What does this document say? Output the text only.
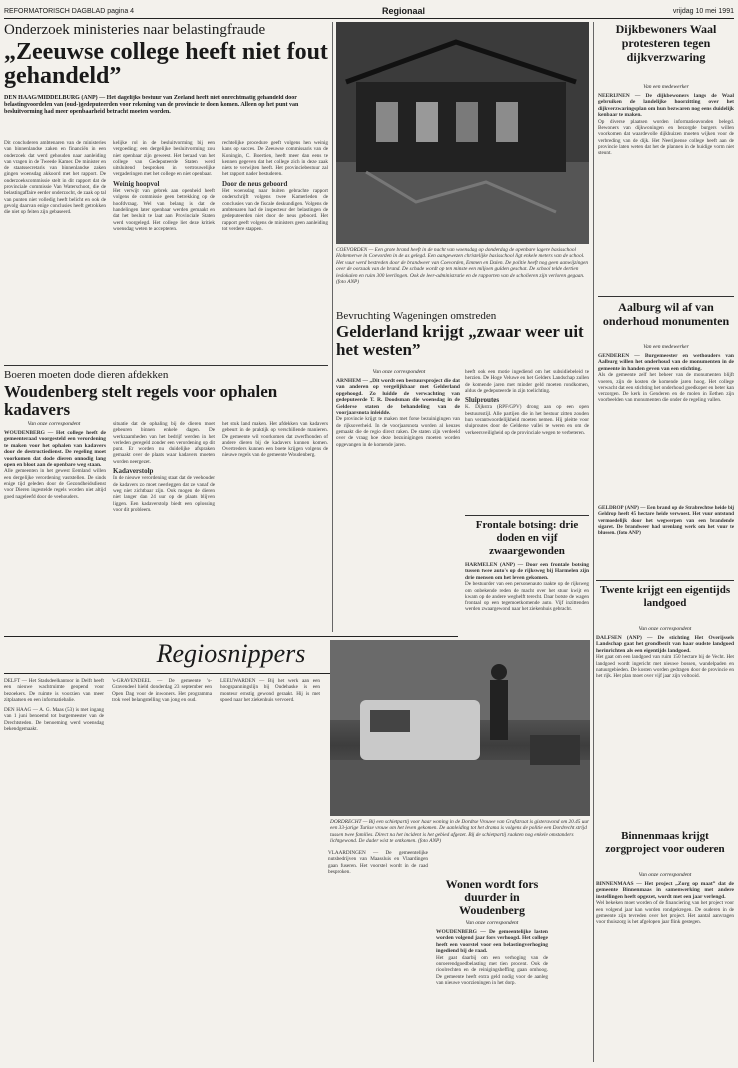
REFORMATORISCH DAGBLAD pagina 4	Regionaal	vrijdag 10 mei 1991
Onderzoek ministeries naar belastingfraude
„Zeeuwse college heeft niet fout gehandeld”
DEN HAAG/MIDDELBURG (ANP) — Het dagelijks bestuur van Zeeland heeft niet onrechtmatig gehandeld door belastingvoordelen van (oud-)gedeputeerden voor rekening van de provincie te doen komen. Alleen op het punt van besluitvorming had meer openbaarheid betracht moeten worden.
Dit concluderen ambtenaren van de ministeries van binnenlandse zaken en financiën in een onderzoek dat werd gehouden naar aanleiding van vragen in de Tweede Kamer. De minister en de staatssecretaris van binnenlandse zaken gingen woensdag akkoord met het rapport. De onderzoekscommissie stelt in dit rapport dat de provinciale commissie Van Waterschoot, die de belastingaffaire eerder onderzocht, de zaak op tal van punten niet volledig heeft belicht en ook de gevolg daarvan enige conclusies heeft getrokken die niet op feiten zijn gebaseerd.
kelijke rol in de besluitvorming bij een vergoeding; een dergelijke besluitvorming zou niet openbaar zijn geweest. Het beraad van het college van Gedeputeerde Staten werd uitsluitend besproken in vertrouwelijke vergaderingen met het college en niet openbaar.
Weinig hoopvol
Het verwijt van gebrek aan openheid heeft volgens de commissie geen betrekking op de hoofdvraag. Wel van belang is dat de handelingen later openbaar werden gemaakt en dat het besluit te laat aan Provinciale Staten werd voorgelegd. Het college liet deze kritiek woensdag weten te accepteren.
rechtelijke procedure geeft volgens hen weinig kans op succes. De Zeeuwse commissaris van de Koningin, C. Boertien, heeft meer dan eens te kennen gegeven dat het college zich in deze zaak niets te verwijten heeft. Het provinciebestuur zal het rapport nader bestuderen.
Door de neus geboord
Het woensdag naar buiten gebrachte rapport onderschrijft volgens twee Kamerleden de conclusies van de fiscale deskundigen. Volgens de ambtenaren had de inspecteur der belastingen de gedeputeerden niet door de neus geboord. Het rapport geeft volgens de ministers geen aanleiding tot verdere stappen.
COEVORDEN — Een grote brand heeft in de nacht van woensdag op donderdag de openbare lagere basisschool Holtemerwe in Coevorden in de as gelegd. Een aangewezen christelijke basisschool ligt enkele meters van de school. Het vuur werd bestreden door de brandweer van Coevorden, Emmen en Dalen. De politie heeft nog geen aanwijzingen over de oorzaak van de brand. De schade wordt op ten minste een miljoen gulden geschat. De school telde dertien leslokalen en ruim 300 leerlingen. Ook de leer-administratie en de rapporten van de scholieren zijn verloren gegaan. (foto ANP)
Bevruchting Wageningen omstreden
Gelderland krijgt „zwaar weer uit het westen”
Van onze correspondent
ARNHEM — „Dit wordt een bestuursproject die dat van anderen op vergelijkbaar met Gelderland opgehoogd. Zo luidde de verwachting van gedeputeerde T. R. Doodsman die woensdag in de Gelderse staten de behandeling van de voorjaarsnota inleidde.
De provincie krijgt te maken met forse bezuinigingen van de rijksoverheid. In de voorjaarsnota worden al keuzes gemaakt die de regio direct raken. De staten zijn verdeeld over de vraag hoe deze bezuinigingen moeten worden opgevangen in de komende jaren.
heeft ook een motie ingediend om het subsidiebeleid te herzien. De Hoge Veluwe en het Gelders Landschap zullen de komende jaren met minder geld moeten rondkomen, aldus de gedeputeerde in zijn toelichting.
Sluiproutes
K. Dijkstra (RPF/GPV) drong aan op een open bestuursstijl. Alle partijen die in het bestuur zitten zouden hun verantwoordelijkheid moeten nemen. Hij pleitte voor sluiproutes door de Gelderse vallei te weren en om de verkeersveiligheid op de provinciale wegen te verbeteren.
Dijkbewoners Waal protesteren tegen dijkverzwaring
Van een medewerker
NEERIJNEN — De dijkbewoners langs de Waal gebruiken de landelijke hoorzitting over het dijkverzwaringsplan om hun bezwaren nog eens duidelijk kenbaar te maken.
Op diverse plaatsen worden informatieavonden belegd. Bewoners van dijkwoningen en bezorgde burgers willen voorkomen dat waardevolle dijkhuizen moeten wijken voor de verbreding van de dijk. Het Neerijnense college heeft aan de provincie laten weten dat het de plannen in de huidige vorm niet steunt.
Aalburg wil af van onderhoud monumenten
Van een medewerker
GENDEREN — Burgemeester en wethouders van Aalburg willen het onderhoud van de monumenten in de gemeente in handen geven van een stichting.
Als de gemeente zelf het beheer van de monumenten blijft voeren, zijn de kosten de komende jaren hoog. Het college verwacht dat een stichting het onderhoud goedkoper en beter kan verzorgen. De kerk in Genderen en de molen in Eethen zijn voorbeelden van monumenten die onder de regeling vallen.
Boeren moeten dode dieren afdekken
Woudenberg stelt regels voor ophalen kadavers
Van onze correspondent
WOUDENBERG — Het college heeft de gemeenteraad voorgesteld een verordening te maken voor het ophalen van kadavers door de destructiedienst. De regeling moet voorkomen dat dode dieren onnodig lang open en bloot aan de openbare weg staan.
Alle gemeenten in het gewest Eemland willen een dergelijke verordening vaststellen. De sinds enige tijd geleden door de Gezondheidsdienst voor Dieren ingestelde regels worden niet altijd goed nageleefd door de veehouders.
situatie dat de ophaling bij de dieren moet gebeuren binnen enkele dagen. De werkzaamheden van het bedrijf werden in het verleden geregeld zonder een verordening op dit punt. Er worden nu duidelijke afspraken gemaakt over de plaats waar kadavers moeten worden neergezet.
Kadaverstolp
In de nieuwe verordening staat dat de veehouder de kadavers zo moet neerleggen dat ze vanaf de weg niet zichtbaar zijn. Ook mogen de dieren niet langer dan 24 uur op de plaats blijven liggen. Een kadaverstolp biedt een oplossing voor dit probleem.
het stuk land maken. Het afdekken van kadavers gebeurt in de praktijk op verschillende manieren. De gemeente wil voorkomen dat zwerfhonden of andere dieren bij de kadavers kunnen komen. Overtreders kunnen een boete krijgen volgens de nieuwe regels van de gemeente Woudenberg.
Frontale botsing: drie doden en vijf zwaargewonden
HARMELEN (ANP) — Door een frontale botsing tussen twee auto's op de rijksweg bij Harmelen zijn drie mensen om het leven gekomen.
De bestuurder van een personenauto raakte op de rijksweg om onbekende reden de macht over het stuur kwijt en kwam op de andere weghelft terecht. Daar botste de wagen frontaal op een tegemoetkomende auto. Vijf inzittenden werden zwaargewond naar het ziekenhuis gebracht.
GELDROP (ANP) — Een brand op de Strabrechtse heide bij Geldrop heeft 45 hectare heide verwoest. Het vuur ontstond vermoedelijk door het wegwerpen van een brandende sigaret. De brandweer had urenlang werk om het vuur te blussen. (foto ANP)
Regiosnippers

DELFT — Het Stadsdeelkantoor in Delft heeft een nieuwe wachtruimte geopend voor bezoekers. De ruimte is voorzien van meer zitplaatsen en een informatiebalie.

DEN HAAG — A. G. Maas (53) is met ingang van 1 juni benoemd tot burgemeester van de Drechtsteden. De benoeming werd woensdag bekendgemaakt.

's-GRAVENDEEL — De gemeente 's-Gravendeel hield donderdag 23 september een Open Dag voor de inwoners. Het programma trok veel belangstelling van jong en oud.
LEEUWARDEN — Bij het werk aan een hoogspanningslijn bij Oudehaske is een monteur ernstig gewond geraakt. Hij is met spoed naar het ziekenhuis vervoerd.
VLAARDINGEN — De gemeentelijke nutsbedrijven van Maassluis en Vlaardingen gaan fuseren. Het voorstel wordt in de raad besproken.
DORDRECHT — Bij een schietpartij voor haar woning in de Dordtse Vrouwe van Grafstraat is gisteravond om 20.45 uur een 33-jarige Turkse vrouw om het leven gekomen. De aanleiding tot het drama is volgens de politie een Dordrecht strijd tussen twee families. Direct na het incident is het gebied afgezet. Bij de schietpartij raakten nog enkele omstanders lichtgewond. De dader wist te ontkomen. (foto ANP)
Wonen wordt fors duurder in Woudenberg
Van onze correspondent
WOUDENBERG — De gemeentelijke lasten worden volgend jaar fors verhoogd. Het college heeft een voorstel voor een belastingverhoging ingediend bij de raad.
Het gaat daarbij om een verhoging van de onroerendgoedbelasting met tien procent. Ook de rioolrechten en de reinigingsheffing gaan omhoog. De gemeente heeft extra geld nodig voor de aanleg van nieuwe voorzieningen in het dorp.
Binnenmaas krijgt zorgproject voor ouderen
Van onze correspondent
BINNENMAAS — Het project „Zorg op maat” dat de gemeente Binnenmaas in samenwerking met andere instellingen heeft opgezet, wordt met een jaar verlengd.
Wel bekeken moet worden of de financiering van het project voor een volgend jaar kan worden rondgekregen. De ouderen in de gemeente zijn tevreden over het project. Het aantal aanvragen voor thuiszorg is het afgelopen jaar flink gestegen.
Twente krijgt een eigentijds landgoed
Van onze correspondent
DALFSEN (ANP) — De stichting Het Overijssels Landschap gaat het grondbezit van haar oudste landgoed herinrichten als een eigentijds landgoed.
Het gaat om een landgoed van ruim 150 hectare bij de Vecht. Het landgoed wordt ingericht met nieuwe bossen, wandelpaden en natuurgebieden. De kosten worden gedragen door de provincie en het rijk. Het plan moet over vijf jaar zijn voltooid.
